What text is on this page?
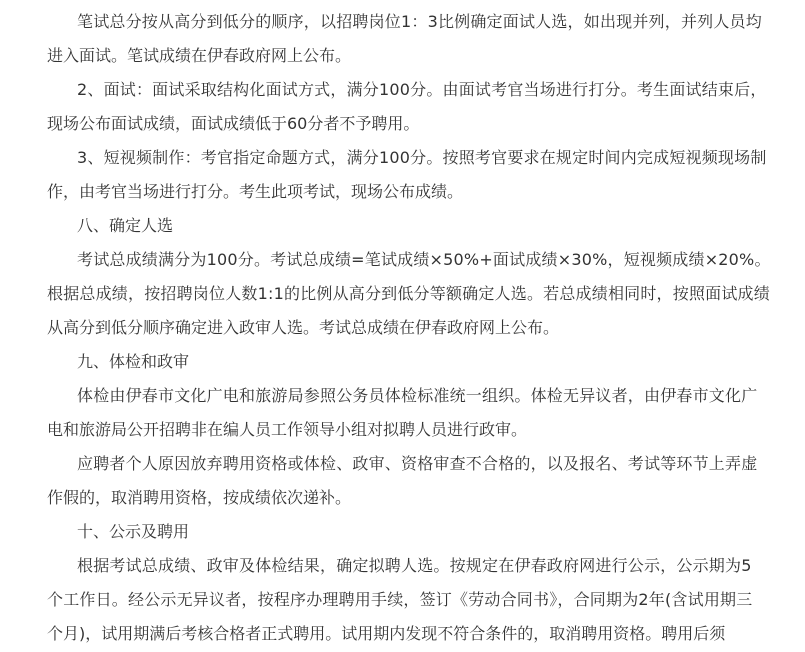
笔试总分按从高分到低分的顺序，以招聘岗位1：3比例确定面试人选，如出现并列，并列人员均
进入面试。笔试成绩在伊春政府网上公布。
2、面试：面试采取结构化面试方式，满分100分。由面试考官当场进行打分。考生面试结束后，
现场公布面试成绩，面试成绩低于60分者不予聘用。
3、短视频制作：考官指定命题方式，满分100分。按照考官要求在规定时间内完成短视频现场制
作，由考官当场进行打分。考生此项考试，现场公布成绩。
八、确定人选
考试总成绩满分为100分。考试总成绩=笔试成绩×50%+面试成绩×30%，短视频成绩×20%。
根据总成绩，按招聘岗位人数1:1的比例从高分到低分等额确定人选。若总成绩相同时，按照面试成绩
从高分到低分顺序确定进入政审人选。考试总成绩在伊春政府网上公布。
九、体检和政审
体检由伊春市文化广电和旅游局参照公务员体检标准统一组织。体检无异议者，由伊春市文化广
电和旅游局公开招聘非在编人员工作领导小组对拟聘人员进行政审。
应聘者个人原因放弃聘用资格或体检、政审、资格审查不合格的，以及报名、考试等环节上弄虚
作假的，取消聘用资格，按成绩依次递补。
十、公示及聘用
根据考试总成绩、政审及体检结果，确定拟聘人选。按规定在伊春政府网进行公示，公示期为5
个工作日。经公示无异议者，按程序办理聘用手续，签订《劳动合同书》，合同期为2年(含试用期三
个月)，试用期满后考核合格者正式聘用。试用期内发现不符合条件的，取消聘用资格。聘用后须
